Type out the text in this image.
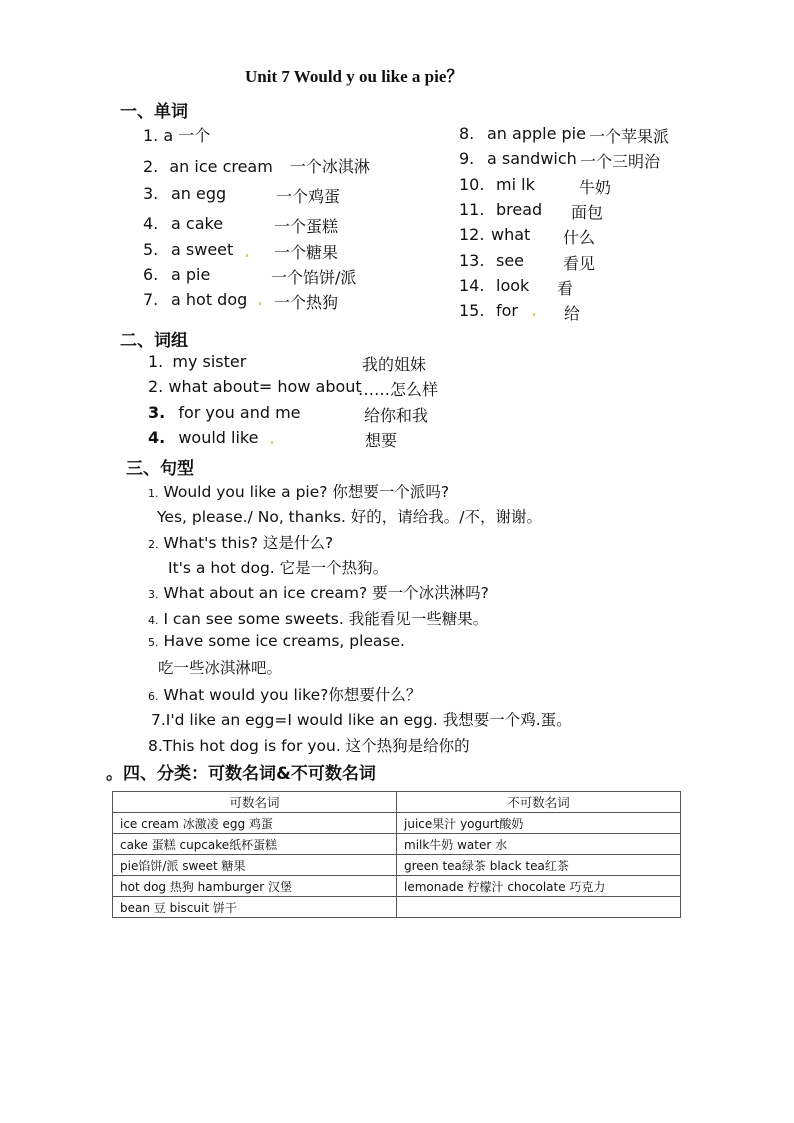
Unit 7 Would y ou like a pie？
一、单词
1. a 一个
2. an ice cream 一个冰淇淋
3. an egg	一个鸡蛋
4. a cake	一个蛋糕
5. a sweet	一个糖果
6. a pie	一个馅饼/派
7. a hot dog 一个热狗
8. an apple pie 一个苹果派
9. a sandwich 一个三明治
10. mi lk	牛奶
11. bread 面包
12. what 什么
13. see 看见
14. look 看
15. for	给
二、词组
1. my sister	我的姐妹
2. what about= how about
……怎么样
3. for you and me	给你和我
4. would like	想要
三、句型
1. Would you like a pie? 你想要一个派吗?
Yes, please./ No, thanks. 好的，请给我。/不，谢谢。
2. What's this? 这是什么?
It's a hot dog. 它是一个热狗。
3. What about an ice cream? 要一个冰洪淋吗?
4. I can see some sweets. 我能看见一些糖果。
5. Have some ice creams, please.
吃一些冰淇淋吧。
6. What would you like?你想要什么？
7.I'd like an egg=I would like an egg. 我想要一个鸡.蛋。
8.This hot dog is for you. 这个热狗是给你的
。四、分类：可数名词&不可数名词
可数名词	不可数名词
ice cream 冰激凌 egg 鸡蛋	juice果汁 yogurt酸奶
cake 蛋糕 cupcake纸杯蛋糕	milk牛奶 water 水
pie馅饼/派 sweet 糖果	green tea绿茶 black tea红茶
hot dog 热狗 hamburger 汉堡	lemonade 柠檬汁 chocolate 巧克力
bean 豆 biscuit 饼干	
